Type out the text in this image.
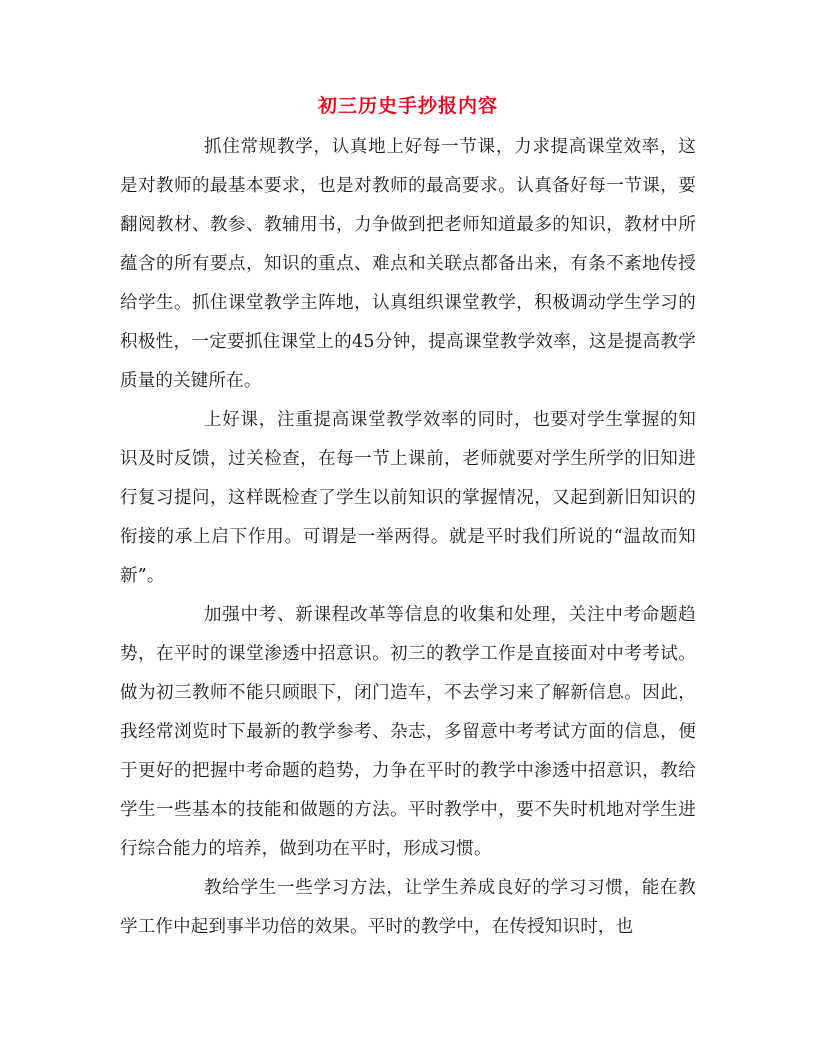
初三历史手抄报内容

抓住常规教学，认真地上好每一节课，力求提高课堂效率，这是对教师的最基本要求，也是对教师的最高要求。认真备好每一节课，要翻阅教材、教参、教辅用书，力争做到把老师知道最多的知识，教材中所蕴含的所有要点，知识的重点、难点和关联点都备出来，有条不紊地传授给学生。抓住课堂教学主阵地，认真组织课堂教学，积极调动学生学习的积极性，一定要抓住课堂上的45分钟，提高课堂教学效率，这是提高教学质量的关键所在。

上好课，注重提高课堂教学效率的同时，也要对学生掌握的知识及时反馈，过关检查，在每一节上课前，老师就要对学生所学的旧知进行复习提问，这样既检查了学生以前知识的掌握情况，又起到新旧知识的衔接的承上启下作用。可谓是一举两得。就是平时我们所说的“温故而知新”。

加强中考、新课程改革等信息的收集和处理，关注中考命题趋势，在平时的课堂渗透中招意识。初三的教学工作是直接面对中考考试。做为初三教师不能只顾眼下，闭门造车，不去学习来了解新信息。因此，我经常浏览时下最新的教学参考、杂志，多留意中考考试方面的信息，便于更好的把握中考命题的趋势，力争在平时的教学中渗透中招意识，教给学生一些基本的技能和做题的方法。平时教学中，要不失时机地对学生进行综合能力的培养，做到功在平时，形成习惯。

教给学生一些学习方法，让学生养成良好的学习习惯，能在教学工作中起到事半功倍的效果。平时的教学中，在传授知识时，也
